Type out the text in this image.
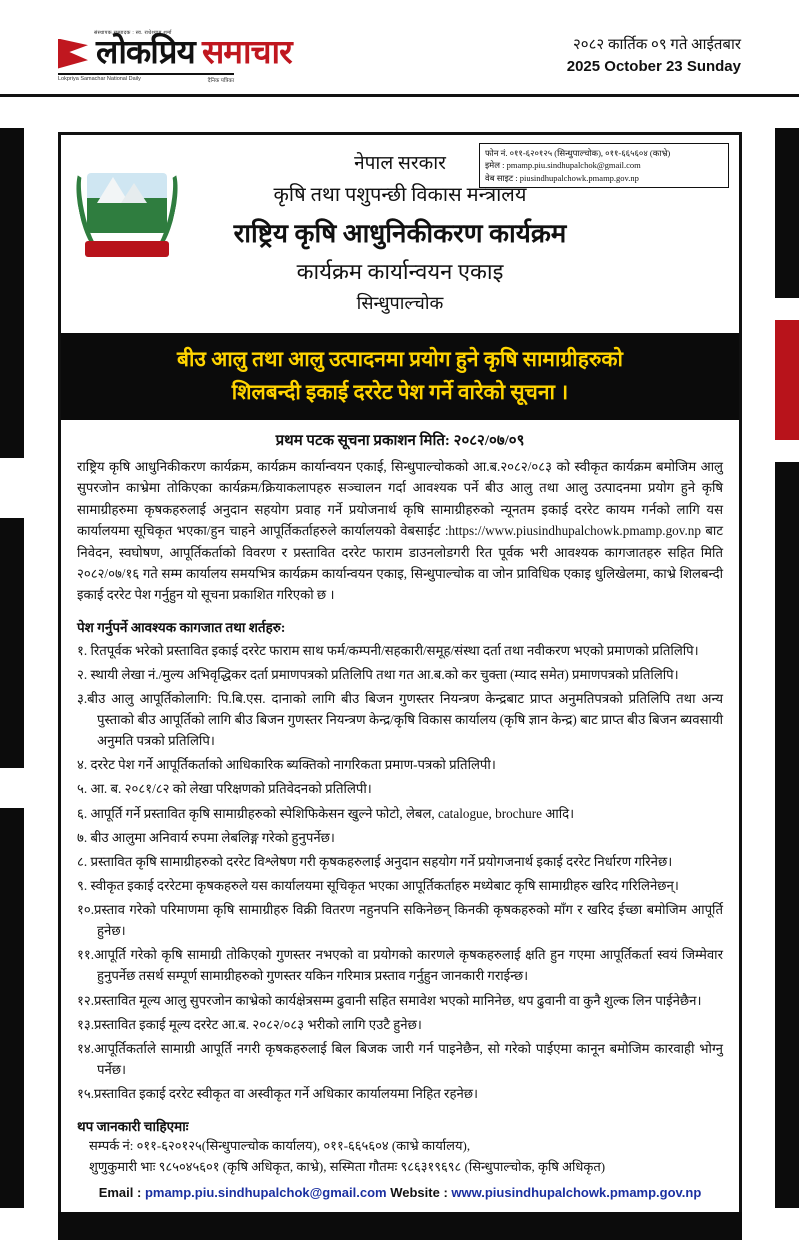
संस्थापक सम्पादक : स्व. राधेश्याम शर्मा
लोकप्रिय समाचार
Lokpriya Samachar National Daily	दैनिक पत्रिका
२०८२ कार्तिक ०९ गते आईतबार
2025 October 23 Sunday
फोन नं. ०११-६२०१२५ (सिन्धुपाल्चोक), ०११-६६५६०४ (काभ्रे)
इमेल : pmamp.piu.sindhupalchok@gmail.com
वेब साइट : piusindhupalchowk.pmamp.gov.np
नेपाल सरकार
कृषि तथा पशुपन्छी विकास मन्त्रालय
राष्ट्रिय कृषि आधुनिकीकरण कार्यक्रम
कार्यक्रम कार्यान्वयन एकाइ
सिन्धुपाल्चोक
बीउ आलु तथा आलु उत्पादनमा प्रयोग हुने कृषि सामाग्रीहरुको
शिलबन्दी इकाई दररेट पेश गर्ने वारेको सूचना ।
प्रथम पटक सूचना प्रकाशन मिति: २०८२/०७/०९
राष्ट्रिय कृषि आधुनिकीकरण कार्यक्रम, कार्यक्रम कार्यान्वयन एकाई, सिन्धुपाल्चोकको आ.ब.२०८२/०८३ को स्वीकृत कार्यक्रम बमोजिम आलु सुपरजोन काभ्रेमा तोकिएका कार्यक्रम/क्रियाकलापहरु सञ्चालन गर्दा आवश्यक पर्ने बीउ आलु तथा आलु उत्पादनमा प्रयोग हुने कृषि सामाग्रीहरुमा कृषकहरुलाई अनुदान सहयोग प्रवाह गर्ने प्रयोजनार्थ कृषि सामाग्रीहरुको न्यूनतम इकाई दररेट कायम गर्नको लागि यस कार्यालयमा सूचिकृत भएका/हुन चाहने आपूर्तिकर्ताहरुले कार्यालयको वेबसाईट :https://www.piusindhupalchowk.pmamp.gov.np बाट निवेदन, स्वघोषण, आपूर्तिकर्ताको विवरण र प्रस्तावित दररेट फाराम डाउनलोडगरी रित पूर्वक भरी आवश्यक कागजातहरु सहित मिति २०८२/०७/१६ गते सम्म कार्यालय समयभित्र कार्यक्रम कार्यान्वयन एकाइ, सिन्धुपाल्चोक वा जोन प्राविधिक एकाइ धुलिखेलमा, काभ्रे शिलबन्दी इकाई दररेट पेश गर्नुहुन यो सूचना प्रकाशित गरिएको छ ।
पेश गर्नुपर्ने आवश्यक कागजात तथा शर्तहरु:
१. रितपूर्वक भरेको प्रस्तावित इकाई दररेट फाराम साथ फर्म/कम्पनी/सहकारी/समूह/संस्था दर्ता तथा नवीकरण भएको प्रमाणको प्रतिलिपि।
२. स्थायी लेखा नं./मुल्य अभिवृद्धिकर दर्ता प्रमाणपत्रको प्रतिलिपि तथा गत आ.ब.को कर चुक्ता (म्याद समेत) प्रमाणपत्रको प्रतिलिपि।
३.बीउ आलु आपूर्तिकोलागि: पि.बि.एस. दानाको लागि बीउ बिजन गुणस्तर नियन्त्रण केन्द्रबाट प्राप्त अनुमतिपत्रको प्रतिलिपि तथा अन्य पुस्ताको बीउ आपूर्तिको लागि बीउ बिजन गुणस्तर नियन्त्रण केन्द्र/कृषि विकास कार्यालय (कृषि ज्ञान केन्द्र) बाट प्राप्त बीउ बिजन ब्यवसायी अनुमति पत्रको प्रतिलिपि।
४. दररेट पेश गर्ने आपूर्तिकर्ताको आधिकारिक ब्यक्तिको नागरिकता प्रमाण-पत्रको प्रतिलिपी।
५. आ. ब. २०८१/८२ को लेखा परिक्षणको प्रतिवेदनको प्रतिलिपी।
६. आपूर्ति गर्ने प्रस्तावित कृषि सामाग्रीहरुको स्पेशिफिकेसन खुल्ने फोटो, लेबल, catalogue, brochure आदि।
७. बीउ आलुमा अनिवार्य रुपमा लेबलिङ्ग गरेको हुनुपर्नेछ।
८. प्रस्तावित कृषि सामाग्रीहरुको दररेट विश्लेषण गरी कृषकहरुलाई अनुदान सहयोग गर्ने प्रयोगजनार्थ इकाई दररेट निर्धारण गरिनेछ।
९. स्वीकृत इकाई दररेटमा कृषकहरुले यस कार्यालयमा सूचिकृत भएका आपूर्तिकर्ताहरु मध्येबाट कृषि सामाग्रीहरु खरिद गरिलिनेछन्।
१०.प्रस्ताव गरेको परिमाणमा कृषि सामाग्रीहरु विक्री वितरण नहुनपनि सकिनेछन् किनकी कृषकहरुको माँग र खरिद ईच्छा बमोजिम आपूर्ति हुनेछ।
११.आपूर्ति गरेको कृषि सामाग्री तोकिएको गुणस्तर नभएको वा प्रयोगको कारणले कृषकहरुलाई क्षति हुन गएमा आपूर्तिकर्ता स्वयं जिम्मेवार हुनुपर्नेछ तसर्थ सम्पूर्ण सामाग्रीहरुको गुणस्तर यकिन गरिमात्र प्रस्ताव गर्नुहुन जानकारी गराईन्छ।
१२.प्रस्तावित मूल्य आलु सुपरजोन काभ्रेको कार्यक्षेत्रसम्म ढुवानी सहित समावेश भएको मानिनेछ, थप ढुवानी वा कुनै शुल्क लिन पाईनेछैन।
१३.प्रस्तावित इकाई मूल्य दररेट आ.ब. २०८२/०८३ भरीको लागि एउटै हुनेछ।
१४.आपूर्तिकर्ताले सामाग्री आपूर्ति नगरी कृषकहरुलाई बिल बिजक जारी गर्न पाइनेछैन, सो गरेको पाईएमा कानून बमोजिम कारवाही भोग्नु पर्नेछ।
१५.प्रस्तावित इकाई दररेट स्वीकृत वा अस्वीकृत गर्ने अधिकार कार्यालयमा निहित रहनेछ।
थप जानकारी चाहिएमाः
सम्पर्क नं: ०११-६२०१२५(सिन्धुपाल्चोक कार्यालय), ०११-६६५६०४ (काभ्रे कार्यालय),
शुणुकुमारी भाः ९८५०४५६०१ (कृषि अधिकृत, काभ्रे), सस्मिता गौतमः ९८६३१९६९८ (सिन्धुपाल्चोक, कृषि अधिकृत)
Email : pmamp.piu.sindhupalchok@gmail.com Website : www.piusindhupalchowk.pmamp.gov.np
